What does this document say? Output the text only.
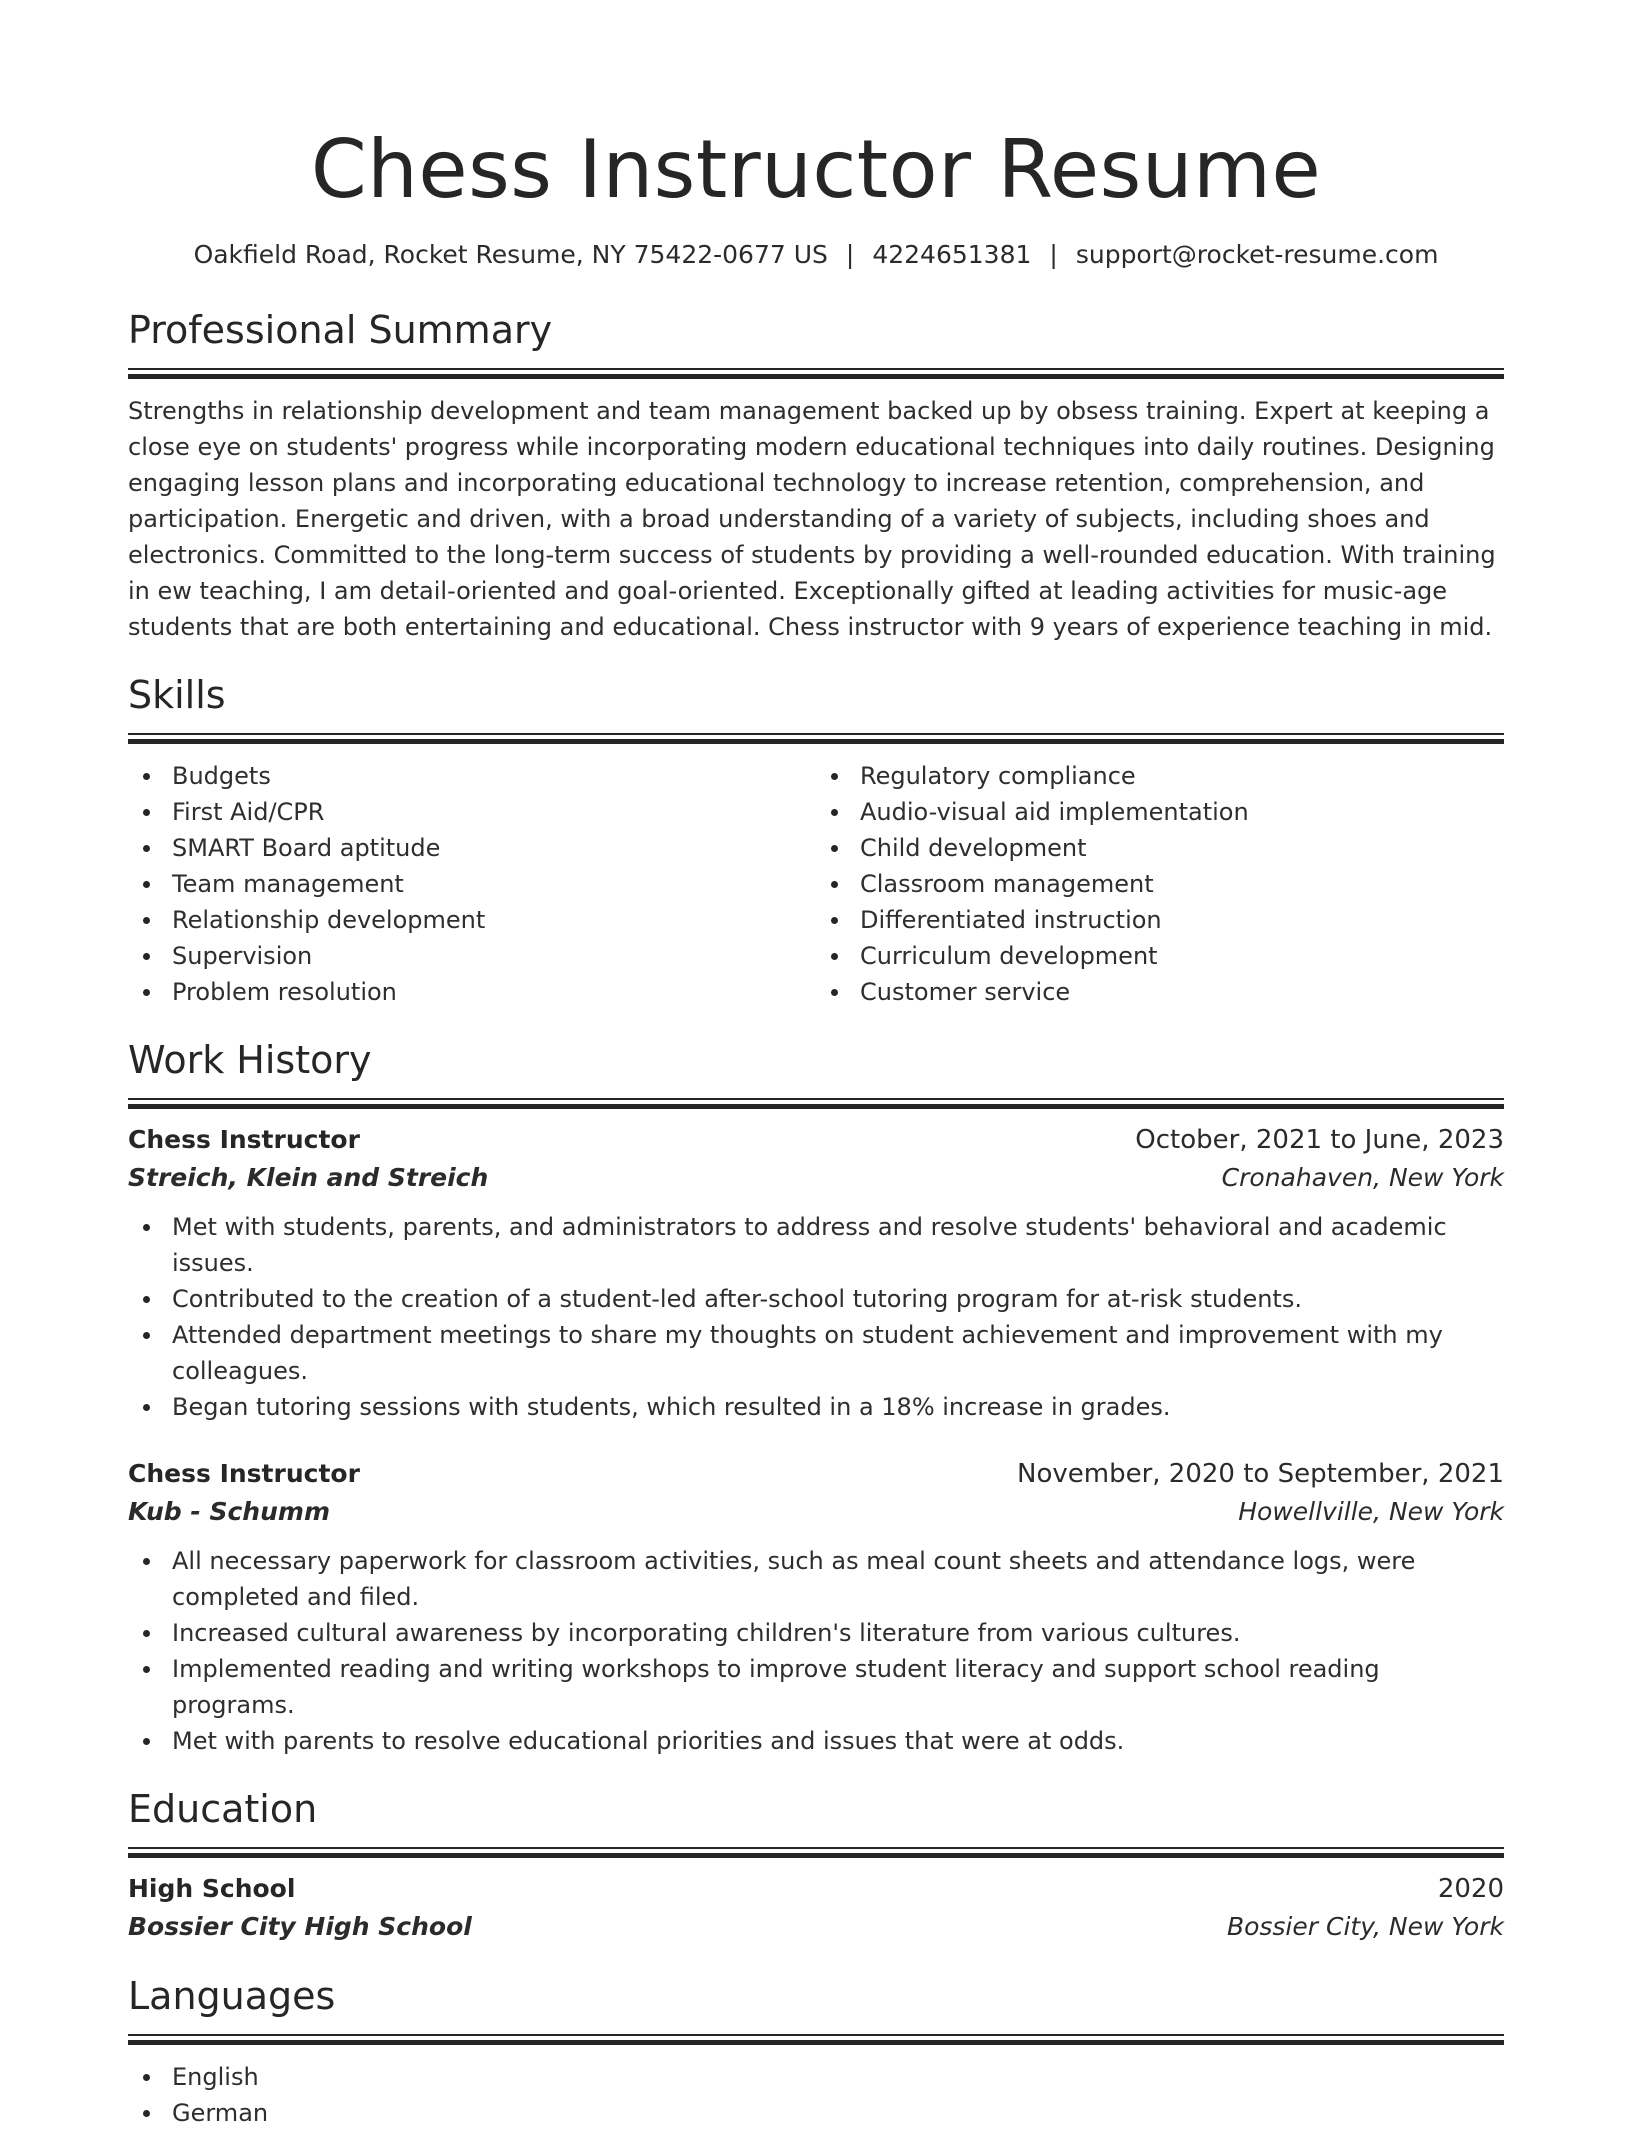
Chess Instructor Resume
Oakfield Road, Rocket Resume, NY 75422-0677 US | 4224651381 | support@rocket-resume.com
Professional Summary

Strengths in relationship development and team management backed up by obsess training. Expert at keeping a close eye on students' progress while incorporating modern educational techniques into daily routines. Designing engaging lesson plans and incorporating educational technology to increase retention, comprehension, and participation. Energetic and driven, with a broad understanding of a variety of subjects, including shoes and electronics. Committed to the long-term success of students by providing a well-rounded education. With training in ew teaching, I am detail-oriented and goal-oriented. Exceptionally gifted at leading activities for music-age students that are both entertaining and educational. Chess instructor with 9 years of experience teaching in mid.

Skills
Budgets
First Aid/CPR
SMART Board aptitude
Team management
Relationship development
Supervision
Problem resolution
Regulatory compliance
Audio-visual aid implementation
Child development
Classroom management
Differentiated instruction
Curriculum development
Customer service
Work History
Chess Instructor	October, 2021 to June, 2023
Streich, Klein and Streich	Cronahaven, New York
Met with students, parents, and administrators to address and resolve students' behavioral and academic issues.
Contributed to the creation of a student-led after-school tutoring program for at-risk students.
Attended department meetings to share my thoughts on student achievement and improvement with my colleagues.
Began tutoring sessions with students, which resulted in a 18% increase in grades.
Chess Instructor	November, 2020 to September, 2021
Kub - Schumm	Howellville, New York
All necessary paperwork for classroom activities, such as meal count sheets and attendance logs, were completed and filed.
Increased cultural awareness by incorporating children's literature from various cultures.
Implemented reading and writing workshops to improve student literacy and support school reading programs.
Met with parents to resolve educational priorities and issues that were at odds.
Education
High School	2020
Bossier City High School	Bossier City, New York
Languages
English
German
